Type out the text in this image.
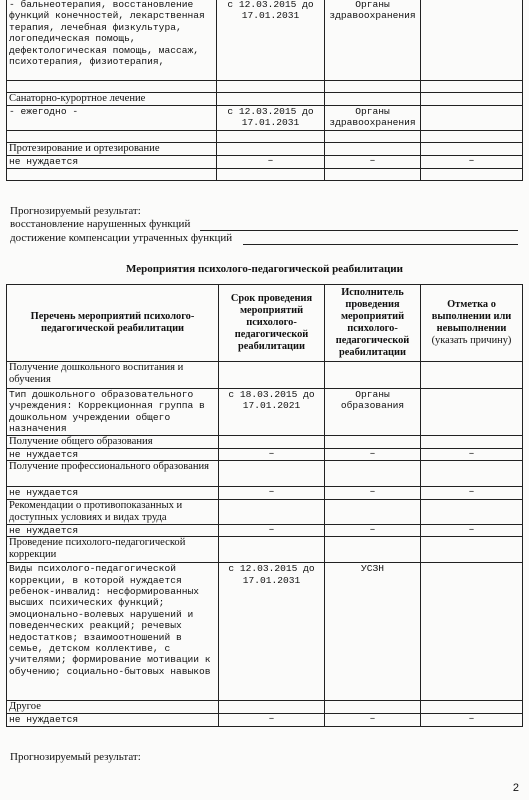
- бальнеотерапия, восстановление функций конечностей, лекарственная терапия, лечебная физкультура, логопедическая помощь, дефектологическая помощь, массаж, психотерапия, физиотерапия,	с 12.03.2015 до 17.01.2031	Органы здравоохранения	

Санаторно-курортное лечение			
- ежегодно -	с 12.03.2015 до 17.01.2031	Органы здравоохранения	

Протезирование и ортезирование			
не нуждается	–	–	–

Прогнозируемый результат:
восстановление нарушенных функций
достижение компенсации утраченных функций
Мероприятия психолого-педагогической реабилитации
Перечень мероприятий психолого-педагогической реабилитации	Срок проведения мероприятий психолого-педагогической реабилитации	Исполнитель проведения мероприятий психолого-педагогической реабилитации	Отметка о выполнении или невыполнении
(указать причину)
Получение дошкольного воспитания и обучения			
Тип дошкольного образовательного учреждения: Коррекционная группа в дошкольном учреждении общего назначения	с 18.03.2015 до 17.01.2021	Органы образования	
Получение общего образования			
не нуждается	–	–	–
Получение профессионального образования			
не нуждается	–	–	–
Рекомендации о противопоказанных и доступных условиях и видах труда			
не нуждается	–	–	–
Проведение психолого-педагогической коррекции			
Виды психолого-педагогической коррекции, в которой нуждается ребенок-инвалид: несформированных высших психических функций; эмоционально-волевых нарушений и поведенческих реакций; речевых недостатков; взаимоотношений в семье, детском коллективе, с учителями; формирование мотивации к обучению; социально-бытовых навыков	с 12.03.2015 до 17.01.2031	УСЗН	
Другое			
не нуждается	–	–	–
Прогнозируемый результат:
2
